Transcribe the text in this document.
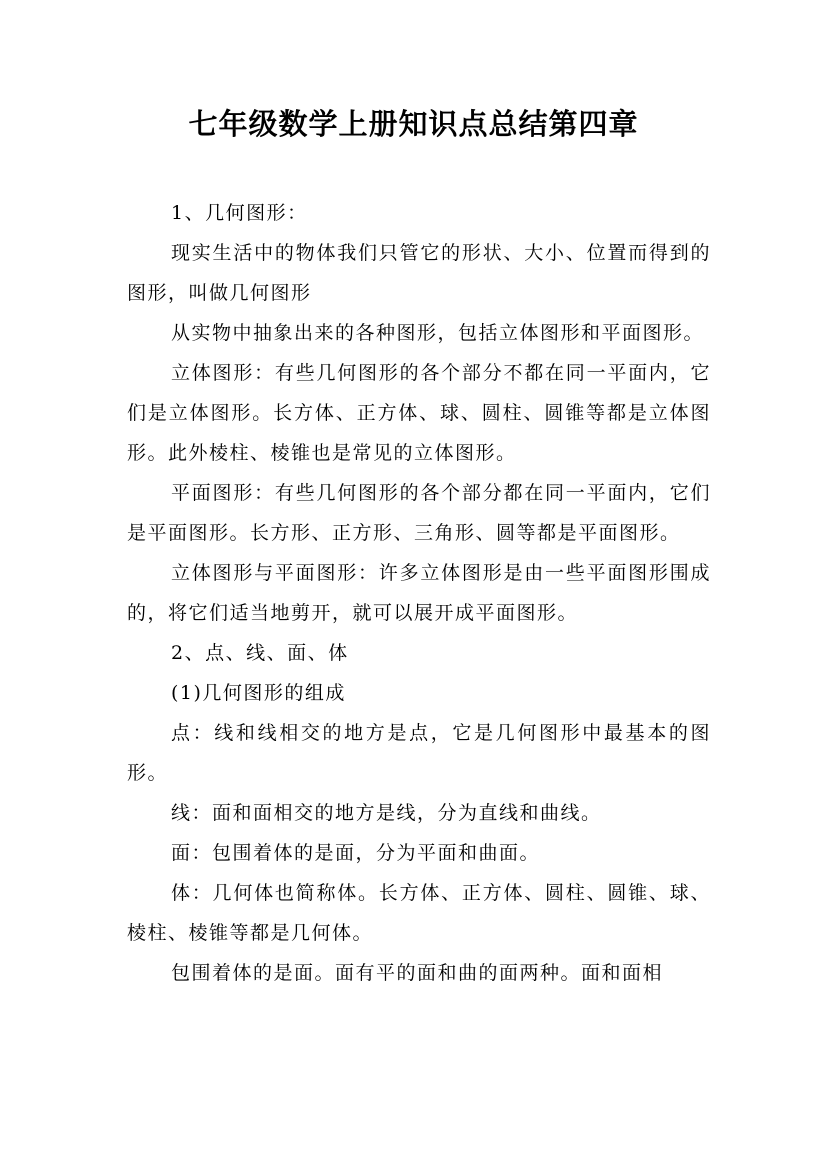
七年级数学上册知识点总结第四章

1、几何图形：

现实生活中的物体我们只管它的形状、大小、位置而得到的图形，叫做几何图形

从实物中抽象出来的各种图形，包括立体图形和平面图形。

立体图形：有些几何图形的各个部分不都在同一平面内，它们是立体图形。长方体、正方体、球、圆柱、圆锥等都是立体图形。此外棱柱、棱锥也是常见的立体图形。

平面图形：有些几何图形的各个部分都在同一平面内，它们是平面图形。长方形、正方形、三角形、圆等都是平面图形。

立体图形与平面图形：许多立体图形是由一些平面图形围成的，将它们适当地剪开，就可以展开成平面图形。

2、点、线、面、体

(1)几何图形的组成

点：线和线相交的地方是点，它是几何图形中最基本的图形。

线：面和面相交的地方是线，分为直线和曲线。

面：包围着体的是面，分为平面和曲面。

体：几何体也简称体。长方体、正方体、圆柱、圆锥、球、棱柱、棱锥等都是几何体。

包围着体的是面。面有平的面和曲的面两种。面和面相
